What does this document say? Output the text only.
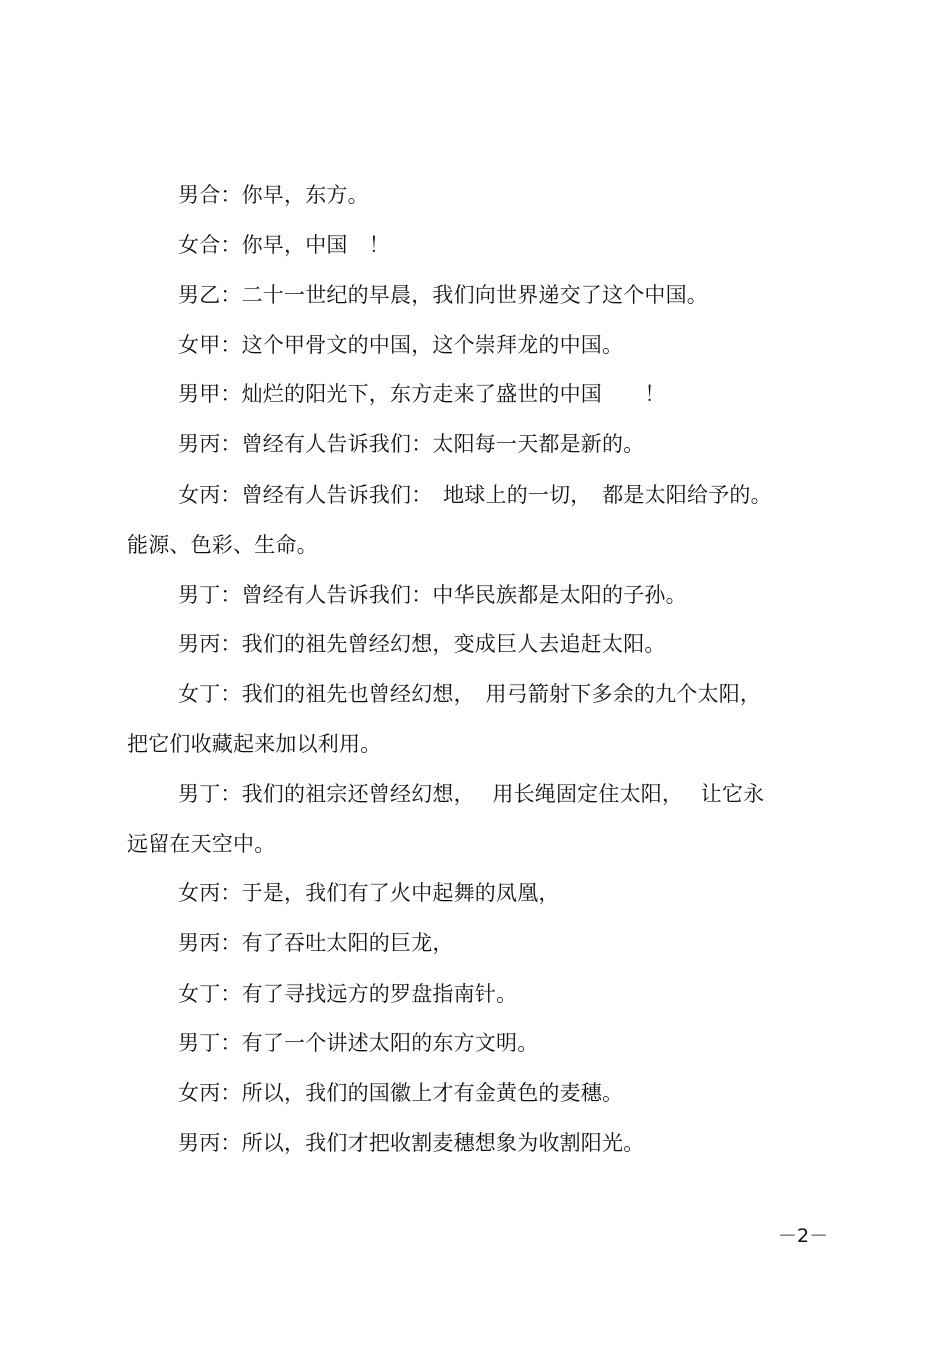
男合：你早，东方。

女合：你早，中国　！

男乙：二十一世纪的早晨，我们向世界递交了这个中国。

女甲：这个甲骨文的中国，这个崇拜龙的中国。

男甲：灿烂的阳光下，东方走来了盛世的中国　　！

男丙：曾经有人告诉我们：太阳每一天都是新的。

女丙：曾经有人告诉我们：　地球上的一切，　都是太阳给予的。

能源、色彩、生命。

男丁：曾经有人告诉我们：中华民族都是太阳的子孙。

男丙：我们的祖先曾经幻想，变成巨人去追赶太阳。

女丁：我们的祖先也曾经幻想，　用弓箭射下多余的九个太阳，

把它们收藏起来加以利用。

男丁：我们的祖宗还曾经幻想，　 用长绳固定住太阳，　 让它永

远留在天空中。

女丙：于是，我们有了火中起舞的凤凰，

男丙：有了吞吐太阳的巨龙，

女丁：有了寻找远方的罗盘指南针。

男丁：有了一个讲述太阳的东方文明。

女丙：所以，我们的国徽上才有金黄色的麦穗。

男丙：所以，我们才把收割麦穗想象为收割阳光。

－2－
